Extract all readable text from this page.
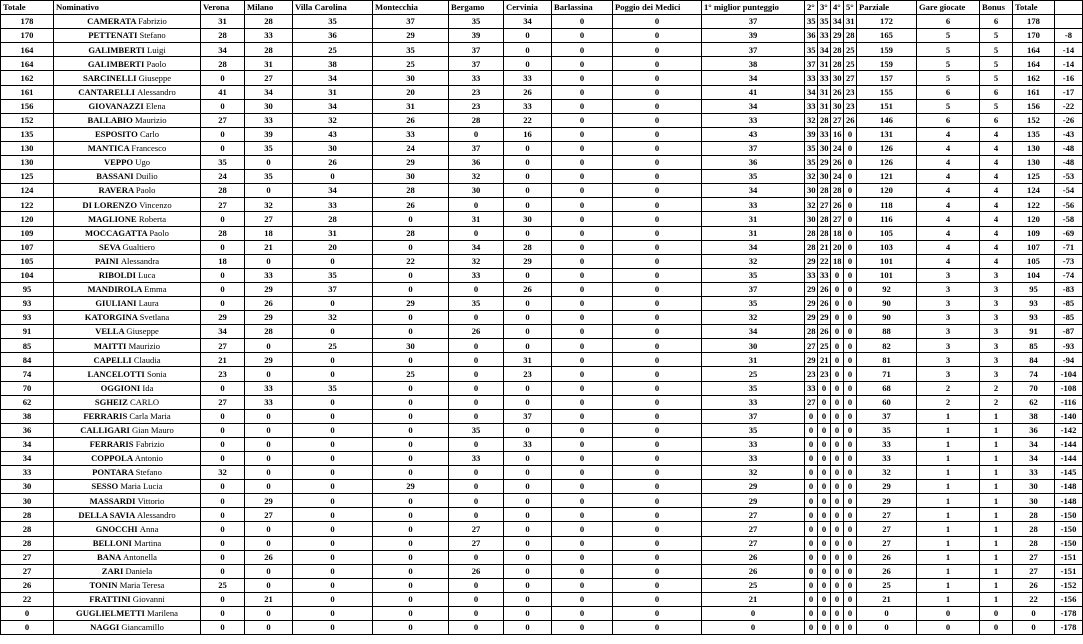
Totale	Nominativo	Verona	Milano	Villa Carolina	Montecchia	Bergamo	Cervinia	Barlassina	Poggio dei Medici	1° miglior punteggio	2°	3°	4°	5°	Parziale	Gare giocate	Bonus	Totale	
178	CAMERATA Fabrizio	31	28	35	37	35	34	0	0	37	35	35	34	31	172	6	6	178	
170	PETTENATI Stefano	28	33	36	29	39	0	0	0	39	36	33	29	28	165	5	5	170	-8
164	GALIMBERTI Luigi	34	28	25	35	37	0	0	0	37	35	34	28	25	159	5	5	164	-14
164	GALIMBERTI Paolo	28	31	38	25	37	0	0	0	38	37	31	28	25	159	5	5	164	-14
162	SARCINELLI Giuseppe	0	27	34	30	33	33	0	0	34	33	33	30	27	157	5	5	162	-16
161	CANTARELLI Alessandro	41	34	31	20	23	26	0	0	41	34	31	26	23	155	6	6	161	-17
156	GIOVANAZZI Elena	0	30	34	31	23	33	0	0	34	33	31	30	23	151	5	5	156	-22
152	BALLABIO Maurizio	27	33	32	26	28	22	0	0	33	32	28	27	26	146	6	6	152	-26
135	ESPOSITO Carlo	0	39	43	33	0	16	0	0	43	39	33	16	0	131	4	4	135	-43
130	MANTICA Francesco	0	35	30	24	37	0	0	0	37	35	30	24	0	126	4	4	130	-48
130	VEPPO Ugo	35	0	26	29	36	0	0	0	36	35	29	26	0	126	4	4	130	-48
125	BASSANI Duilio	24	35	0	30	32	0	0	0	35	32	30	24	0	121	4	4	125	-53
124	RAVERA Paolo	28	0	34	28	30	0	0	0	34	30	28	28	0	120	4	4	124	-54
122	DI LORENZO Vincenzo	27	32	33	26	0	0	0	0	33	32	27	26	0	118	4	4	122	-56
120	MAGLIONE Roberta	0	27	28	0	31	30	0	0	31	30	28	27	0	116	4	4	120	-58
109	MOCCAGATTA Paolo	28	18	31	28	0	0	0	0	31	28	28	18	0	105	4	4	109	-69
107	SEVA Gualtiero	0	21	20	0	34	28	0	0	34	28	21	20	0	103	4	4	107	-71
105	PAINI Alessandra	18	0	0	22	32	29	0	0	32	29	22	18	0	101	4	4	105	-73
104	RIBOLDI Luca	0	33	35	0	33	0	0	0	35	33	33	0	0	101	3	3	104	-74
95	MANDIROLA Emma	0	29	37	0	0	26	0	0	37	29	26	0	0	92	3	3	95	-83
93	GIULIANI Laura	0	26	0	29	35	0	0	0	35	29	26	0	0	90	3	3	93	-85
93	KATORGINA Svetlana	29	29	32	0	0	0	0	0	32	29	29	0	0	90	3	3	93	-85
91	VELLA Giuseppe	34	28	0	0	26	0	0	0	34	28	26	0	0	88	3	3	91	-87
85	MAITTI Maurizio	27	0	25	30	0	0	0	0	30	27	25	0	0	82	3	3	85	-93
84	CAPELLI Claudia	21	29	0	0	0	31	0	0	31	29	21	0	0	81	3	3	84	-94
74	LANCELOTTI Sonia	23	0	0	25	0	23	0	0	25	23	23	0	0	71	3	3	74	-104
70	OGGIONI Ida	0	33	35	0	0	0	0	0	35	33	0	0	0	68	2	2	70	-108
62	SGHEIZ CARLO	27	33	0	0	0	0	0	0	33	27	0	0	0	60	2	2	62	-116
38	FERRARIS Carla Maria	0	0	0	0	0	37	0	0	37	0	0	0	0	37	1	1	38	-140
36	CALLIGARI Gian Mauro	0	0	0	0	35	0	0	0	35	0	0	0	0	35	1	1	36	-142
34	FERRARIS Fabrizio	0	0	0	0	0	33	0	0	33	0	0	0	0	33	1	1	34	-144
34	COPPOLA Antonio	0	0	0	0	33	0	0	0	33	0	0	0	0	33	1	1	34	-144
33	PONTARA Stefano	32	0	0	0	0	0	0	0	32	0	0	0	0	32	1	1	33	-145
30	SESSO Maria Lucia	0	0	0	29	0	0	0	0	29	0	0	0	0	29	1	1	30	-148
30	MASSARDI Vittorio	0	29	0	0	0	0	0	0	29	0	0	0	0	29	1	1	30	-148
28	DELLA SAVIA Alessandro	0	27	0	0	0	0	0	0	27	0	0	0	0	27	1	1	28	-150
28	GNOCCHI Anna	0	0	0	0	27	0	0	0	27	0	0	0	0	27	1	1	28	-150
28	BELLONI Martina	0	0	0	0	27	0	0	0	27	0	0	0	0	27	1	1	28	-150
27	BANA Antonella	0	26	0	0	0	0	0	0	26	0	0	0	0	26	1	1	27	-151
27	ZARI Daniela	0	0	0	0	26	0	0	0	26	0	0	0	0	26	1	1	27	-151
26	TONIN Maria Teresa	25	0	0	0	0	0	0	0	25	0	0	0	0	25	1	1	26	-152
22	FRATTINI Giovanni	0	21	0	0	0	0	0	0	21	0	0	0	0	21	1	1	22	-156
0	GUGLIELMETTI Marilena	0	0	0	0	0	0	0	0	0	0	0	0	0	0	0	0	0	-178
0	NAGGI Giancamillo	0	0	0	0	0	0	0	0	0	0	0	0	0	0	0	0	0	-178
